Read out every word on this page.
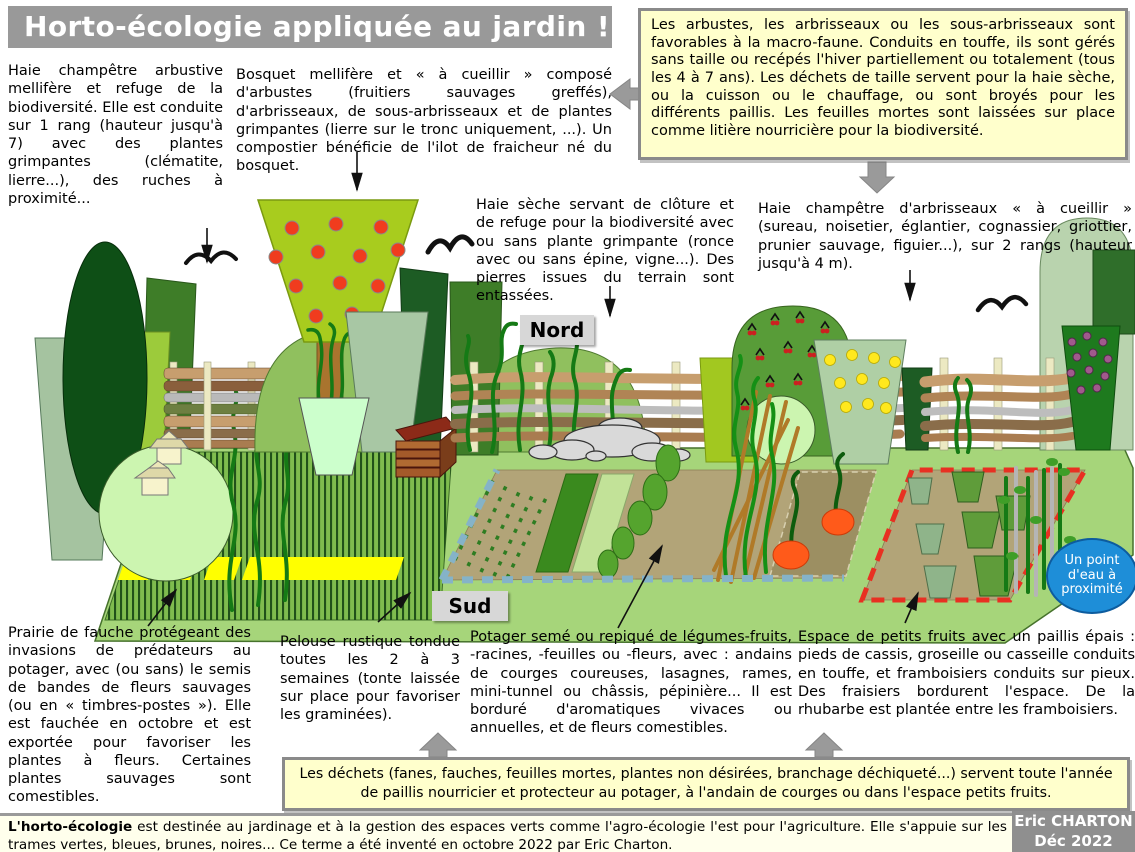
Horto-écologie appliquée au jardin !	Les arbustes, les arbrisseaux ou les sous-arbrisseaux sont favorables à la macro-faune. Conduits en touffe, ils sont gérés sans taille ou recépés l'hiver partiellement ou totalement (tous les 4 à 7 ans). Les déchets de taille servent pour la haie sèche, ou la cuisson ou le chauffage, ou sont broyés pour les différents paillis. Les feuilles mortes sont laissées sur place comme litière nourricière pour la biodiversité.
Haie champêtre arbustive mellifère et refuge de la biodiversité. Elle est conduite sur 1 rang (hauteur jusqu'à 7) avec des plantes grimpantes (clématite, lierre...), des ruches à proximité...
Bosquet mellifère et « à cueillir » composé d'arbustes (fruitiers sauvages greffés), d'arbrisseaux, de sous-arbrisseaux et de plantes grimpantes (lierre sur le tronc uniquement, ...). Un compostier bénéficie de l'ilot de fraicheur né du bosquet.
Haie sèche servant de clôture et de refuge pour la biodiversité avec ou sans plante grimpante (ronce avec ou sans épine, vigne...). Des pierres issues du terrain sont entassées.
Haie champêtre d'arbrisseaux « à cueillir » (sureau, noisetier, églantier, cognassier, griottier, prunier sauvage, figuier...), sur 2 rangs (hauteur jusqu'à 4 m).
Nord
Sud
Prairie de fauche protégeant des invasions de prédateurs au potager, avec (ou sans) le semis de bandes de fleurs sauvages (ou en « timbres-postes »). Elle est fauchée en octobre et est exportée pour favoriser les plantes à fleurs. Certaines plantes sauvages sont comestibles.
Pelouse rustique tondue toutes les 2 à 3 semaines (tonte laissée sur place pour favoriser les graminées).
Potager semé ou repiqué de légumes-fruits, -racines, -feuilles ou -fleurs, avec : andains de courges coureuses, lasagnes, rames, mini-tunnel ou châssis, pépinière... Il est borduré d'aromatiques vivaces ou annuelles, et de fleurs comestibles.
Espace de petits fruits avec un paillis épais : pieds de cassis, groseille ou casseille conduits en touffe, et framboisiers conduits sur pieux. Des fraisiers bordurent l'espace. De la rhubarbe est plantée entre les framboisiers.
Un point d'eau à proximité
Les déchets (fanes, fauches, feuilles mortes, plantes non désirées, branchage déchiqueté...) servent toute l'année de paillis nourricier et protecteur au potager, à l'andain de courges ou dans l'espace petits fruits.
L'horto-écologie est destinée au jardinage et à la gestion des espaces verts comme l'agro-écologie l'est pour l'agriculture. Elle s'appuie sur les trames vertes, bleues, brunes, noires... Ce terme a été inventé en octobre 2022 par Eric Charton.
Eric CHARTON
Déc 2022
